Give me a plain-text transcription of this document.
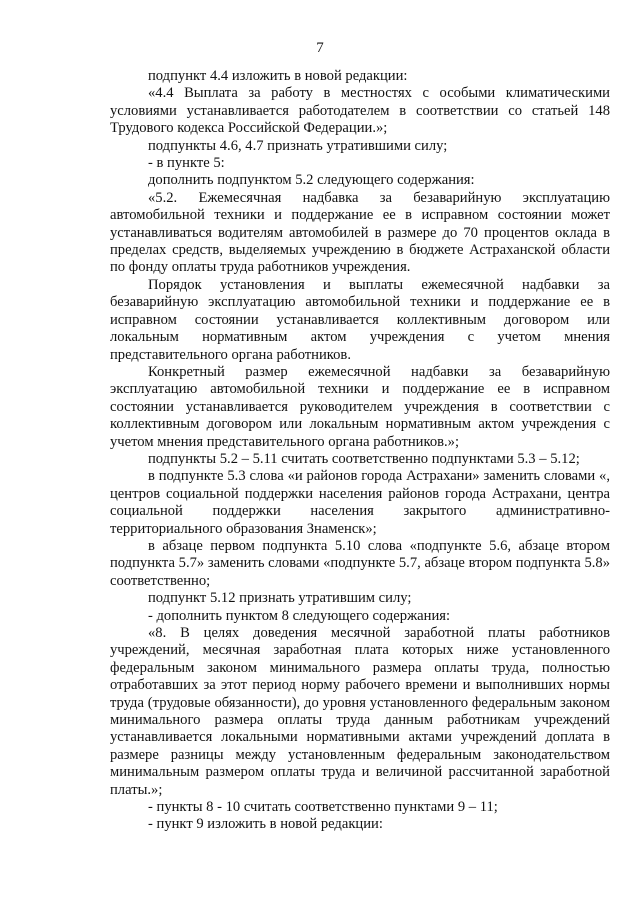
7

подпункт 4.4 изложить в новой редакции:

«4.4 Выплата за работу в местностях с особыми климатическими условиями устанавливается работодателем в соответствии со статьей 148 Трудового кодекса Российской Федерации.»;

подпункты 4.6, 4.7 признать утратившими силу;

- в пункте 5:

дополнить подпунктом 5.2 следующего содержания:

«5.2. Ежемесячная надбавка за безаварийную эксплуатацию автомобильной техники и поддержание ее в исправном состоянии может устанавливаться водителям автомобилей в размере до 70 процентов оклада в пределах средств, выделяемых учреждению в бюджете Астраханской области по фонду оплаты труда работников учреждения.

Порядок установления и выплаты ежемесячной надбавки за безаварийную эксплуатацию автомобильной техники и поддержание ее в исправном состоянии устанавливается коллективным договором или локальным нормативным актом учреждения с учетом мнения представительного органа работников.

Конкретный размер ежемесячной надбавки за безаварийную эксплуатацию автомобильной техники и поддержание ее в исправном состоянии устанавливается руководителем учреждения в соответствии с коллективным договором или локальным нормативным актом учреждения с учетом мнения представительного органа работников.»;

подпункты 5.2 – 5.11 считать соответственно подпунктами 5.3 – 5.12;

в подпункте 5.3 слова «и районов города Астрахани» заменить словами «, центров социальной поддержки населения районов города Астрахани, центра социальной поддержки населения закрытого административно-территориального образования Знаменск»;

в абзаце первом подпункта 5.10 слова «подпункте 5.6, абзаце втором подпункта 5.7» заменить словами «подпункте 5.7, абзаце втором подпункта 5.8» соответственно;

подпункт 5.12 признать утратившим силу;

- дополнить пунктом 8 следующего содержания:

«8. В целях доведения месячной заработной платы работников учреждений, месячная заработная плата которых ниже установленного федеральным законом минимального размера оплаты труда, полностью отработавших за этот период норму рабочего времени и выполнивших нормы труда (трудовые обязанности), до уровня установленного федеральным законом минимального размера оплаты труда данным работникам учреждений устанавливается локальными нормативными актами учреждений доплата в размере разницы между установленным федеральным законодательством минимальным размером оплаты труда и величиной рассчитанной заработной платы.»;

- пункты 8 - 10 считать соответственно пунктами 9 – 11;

- пункт 9 изложить в новой редакции:
